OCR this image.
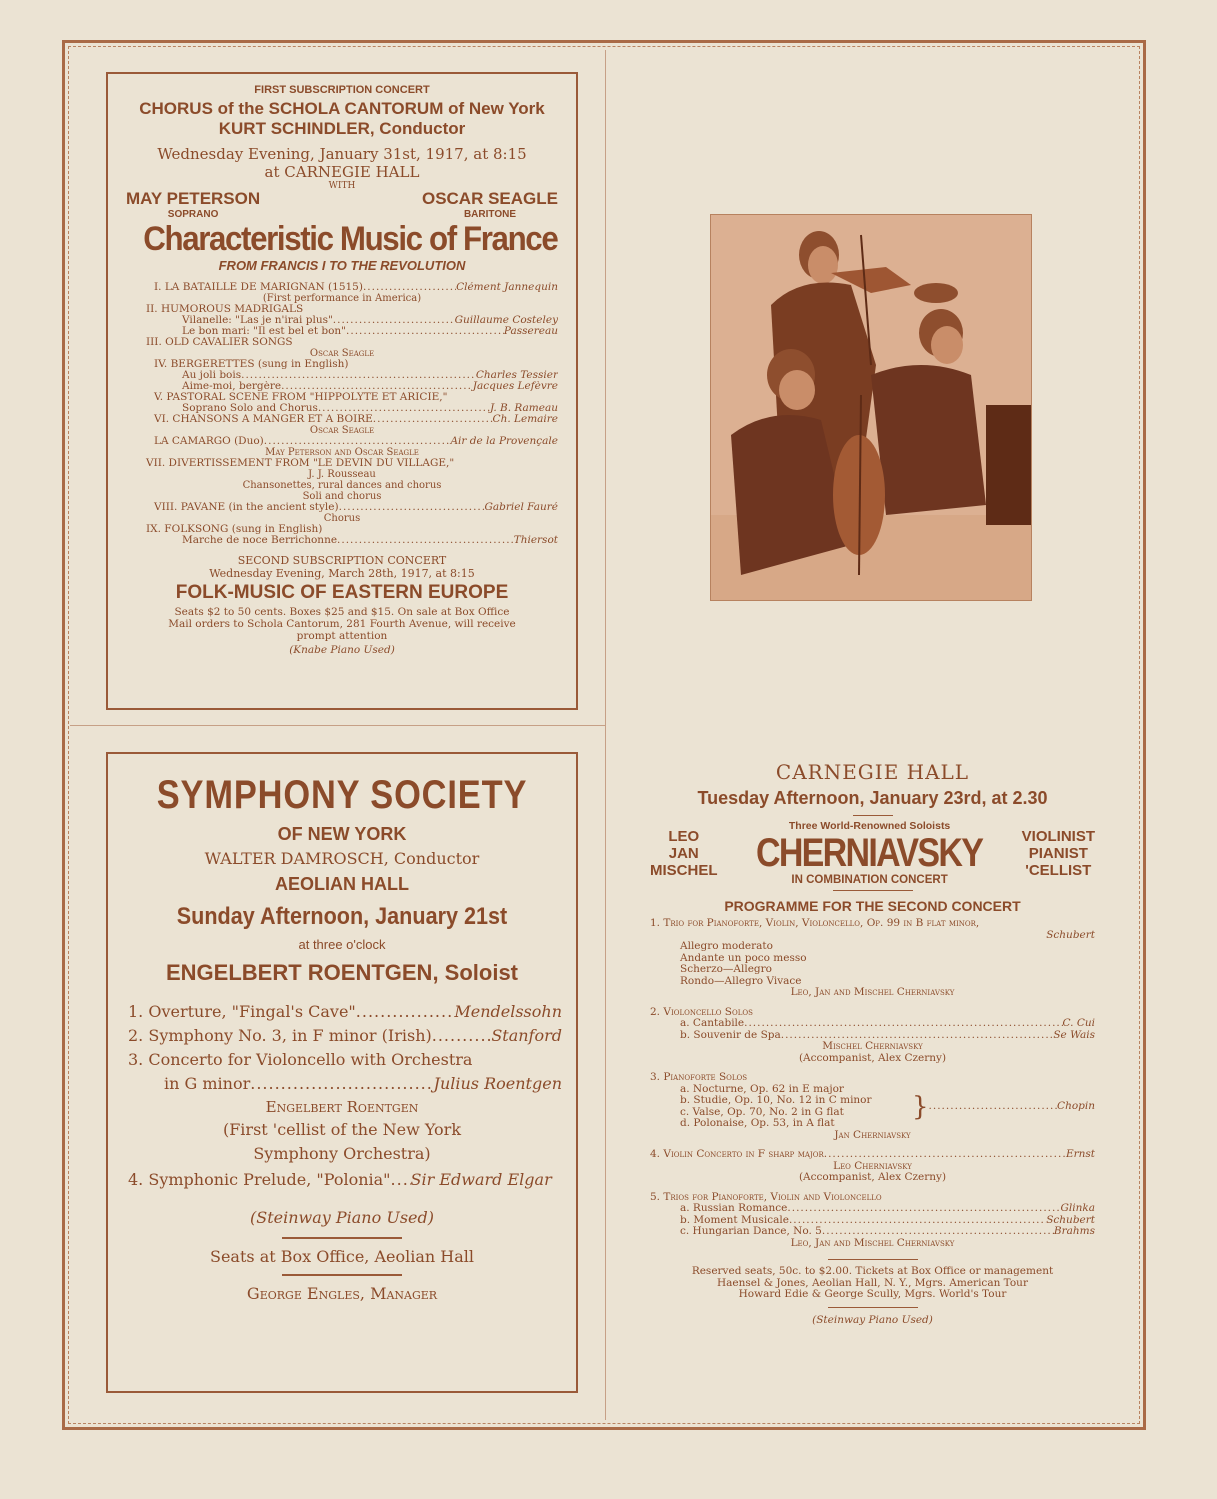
FIRST SUBSCRIPTION CONCERT
CHORUS of the SCHOLA CANTORUM of New York
KURT SCHINDLER, Conductor
Wednesday Evening, January 31st, 1917, at 8:15
at CARNEGIE HALL
WITH
MAY PETERSON
SOPRANO
OSCAR SEAGLE
BARITONE
Characteristic Music of France
FROM FRANCIS I TO THE REVOLUTION
I. LA BATAILLE DE MARIGNAN (1515) .....	Clément Jannequin
(First performance in America)
II. HUMOROUS MADRIGALS
Vilanelle: "Las je n'irai plus" .....	Guillaume Costeley
Le bon mari: "Il est bel et bon" .....	Passereau
III. OLD CAVALIER SONGS
Oscar Seagle
IV. BERGERETTES (sung in English)
Au joli bois .....	Charles Tessier
Aime-moi, bergère .....	Jacques Lefèvre
V. PASTORAL SCENE FROM "HIPPOLYTE ET ARICIE,"
Soprano Solo and Chorus .....	J. B. Rameau
VI. CHANSONS À MANGER ET À BOIRE .....	Ch. Lemaire
Oscar Seagle
LA CAMARGO (Duo) .....	Air de la Provençale
May Peterson and Oscar Seagle
VII. DIVERTISSEMENT FROM "LE DEVIN DU VILLAGE,"
J. J. Rousseau
Chansonettes, rural dances and chorus
Soli and chorus
VIII. PAVANE (in the ancient style) .....	Gabriel Fauré
Chorus
IX. FOLKSONG (sung in English)
Marche de noce Berrichonne .....	Thiersot
SECOND SUBSCRIPTION CONCERT
Wednesday Evening, March 28th, 1917, at 8:15
FOLK-MUSIC OF EASTERN EUROPE
Seats $2 to 50 cents. Boxes $25 and $15. On sale at Box Office
Mail orders to Schola Cantorum, 281 Fourth Avenue, will receive
prompt attention
(Knabe Piano Used)
SYMPHONY SOCIETY
OF NEW YORK
WALTER DAMROSCH, Conductor
AEOLIAN HALL
Sunday Afternoon, January 21st
at three o'clock
ENGELBERT ROENTGEN, Soloist
1. Overture, "Fingal's Cave" .....	Mendelssohn
2. Symphony No. 3, in F minor (Irish) .....	Stanford
3. Concerto for Violoncello with Orchestra
in G minor .....	Julius Roentgen
Engelbert Roentgen
(First 'cellist of the New York Symphony Orchestra)
4. Symphonic Prelude, "Polonia" ..... Sir Edward Elgar
(Steinway Piano Used)
Seats at Box Office, Aeolian Hall
George Engles, Manager
CARNEGIE HALL
Tuesday Afternoon, January 23rd, at 2.30
LEO
JAN
MISCHEL
Three World-Renowned Soloists
CHERNIAVSKY
IN COMBINATION CONCERT
VIOLINIST
PIANIST
'CELLIST
PROGRAMME FOR THE SECOND CONCERT
1. Trio for Pianoforte, Violin, Violoncello, Op. 99 in B flat minor,
Schubert
Allegro moderato
Andante un poco messo
Scherzo—Allegro
Rondo—Allegro Vivace
Leo, Jan and Mischel Cherniavsky
2. Violoncello Solos
a. Cantabile .....	C. Cui
b. Souvenir de Spa .....	Se Wais
Mischel Cherniavsky
(Accompanist, Alex Czerny)
3. Pianoforte Solos
a. Nocturne, Op. 62 in E major
b. Studie, Op. 10, No. 12 in C minor
c. Valse, Op. 70, No. 2 in G flat
d. Polonaise, Op. 53, in A flat
} .....	Chopin
Jan Cherniavsky
4. Violin Concerto in F sharp major .....	Ernst
Leo Cherniavsky
(Accompanist, Alex Czerny)
5. Trios for Pianoforte, Violin and Violoncello
a. Russian Romance .....	Glinka
b. Moment Musicale .....	Schubert
c. Hungarian Dance, No. 5 .....	Brahms
Leo, Jan and Mischel Cherniavsky
Reserved seats, 50c. to $2.00. Tickets at Box Office or management
Haensel & Jones, Aeolian Hall, N. Y., Mgrs. American Tour
Howard Edie & George Scully, Mgrs. World's Tour
(Steinway Piano Used)
